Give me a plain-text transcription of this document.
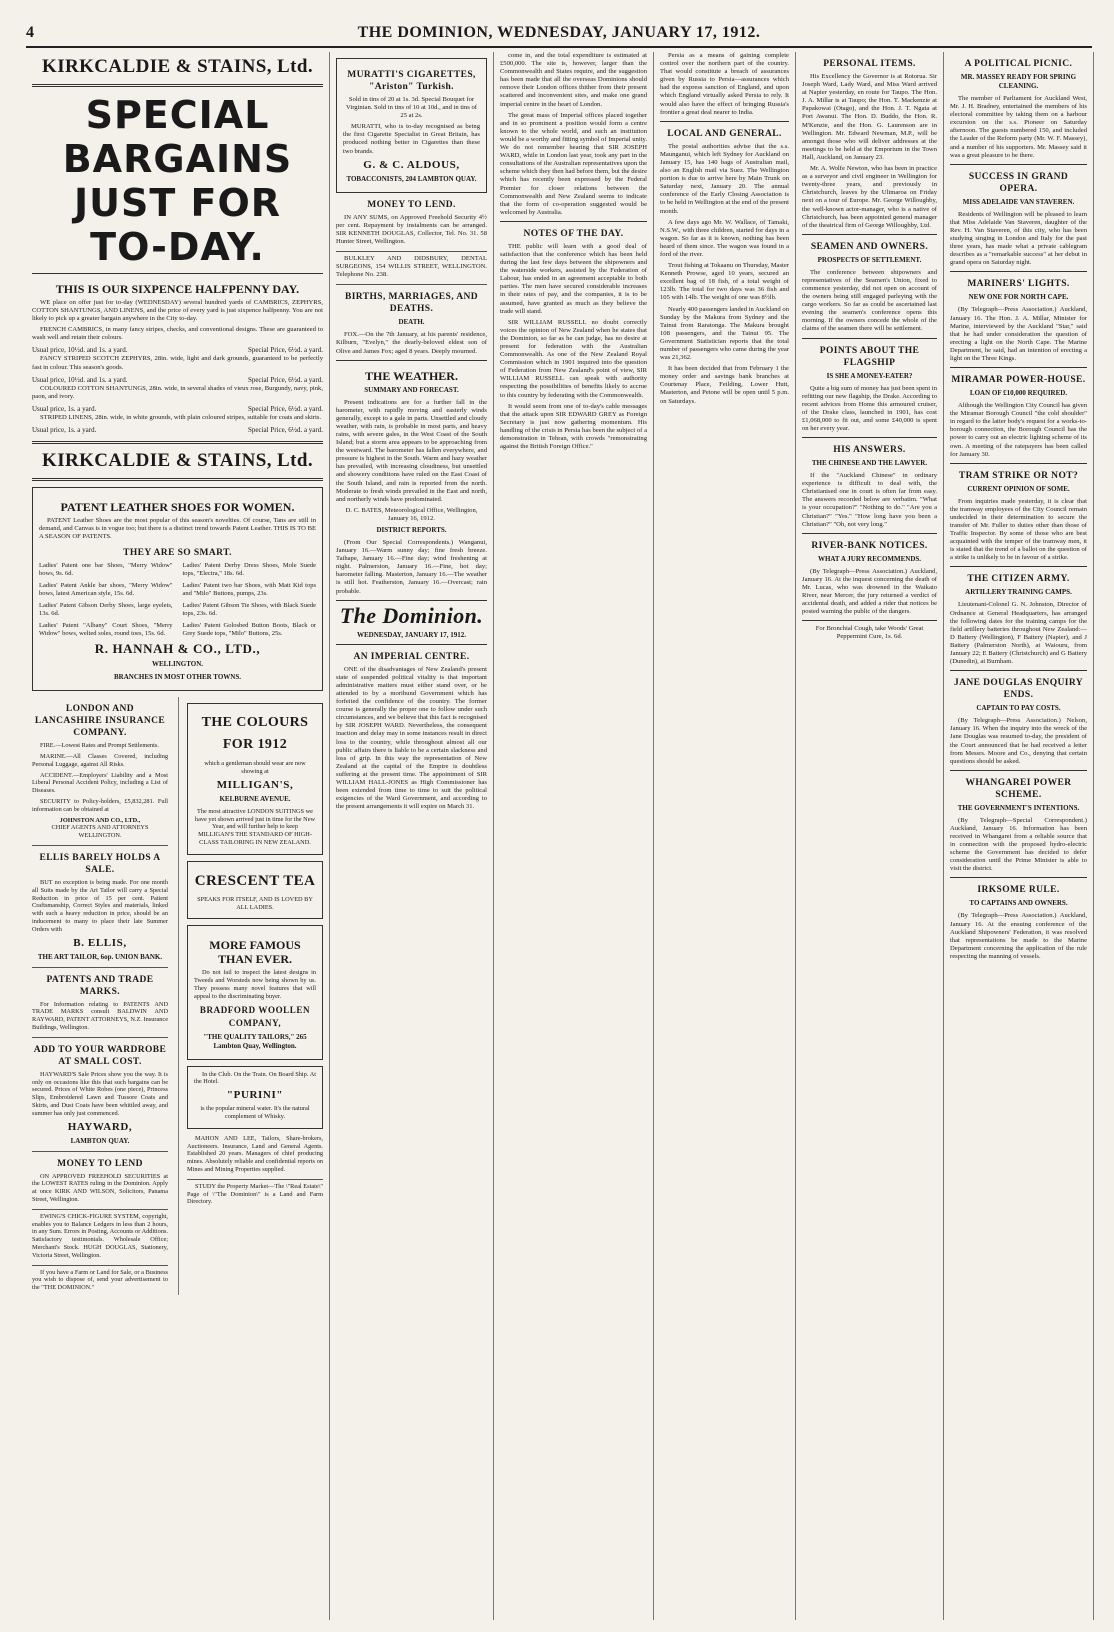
4	THE DOMINION, WEDNESDAY, JANUARY 17, 1912.
KIRKCALDIE & STAINS, Ltd.
SPECIAL BARGAINS
JUST FOR TO-DAY.
THIS IS OUR SIXPENCE HALFPENNY DAY.

WE place on offer just for to-day (WEDNESDAY) several hundred yards of CAMBRICS, ZEPHYRS, COTTON SHANTUNGS, AND LINENS, and the price of every yard is just sixpence halfpenny. You are not likely to pick up a greater bargain anywhere in the City to-day.

FRENCH CAMBRICS, in many fancy stripes, checks, and conventional designs. These are guaranteed to wash well and retain their colours.

Usual price, 10½d. and 1s. a yard.	Special Price, 6½d. a yard.

FANCY STRIPED SCOTCH ZEPHYRS, 28in. wide, light and dark grounds, guaranteed to be perfectly fast in colour. This season's goods.

Usual price, 10½d. and 1s. a yard.	Special Price, 6½d. a yard.

COLOURED COTTON SHANTUNGS, 28in. wide, in several shades of vieux rose, Burgundy, navy, pink, paon, and ivory.

Usual price, 1s. a yard.	Special Price, 6½d. a yard.

STRIPED LINENS, 28in. wide, in white grounds, with plain coloured stripes, suitable for coats and skirts.

Usual price, 1s. a yard.	Special Price, 6½d. a yard.
KIRKCALDIE & STAINS, Ltd.
PATENT LEATHER SHOES FOR WOMEN.

PATENT Leather Shoes are the most popular of this season's novelties. Of course, Tans are still in demand, and Canvas is in vogue too; but there is a distinct trend towards Patent Leather. THIS IS TO BE A SEASON OF PATENTS.

THEY ARE SO SMART.
Ladies' Patent one bar Shoes, "Merry Widow" bows, 9s. 6d.
Ladies' Patent Derby Dress Shoes, Mole Suede tops, "Electra," 18s. 6d.
Ladies' Patent Ankle bar shoes, "Merry Widow" bows, latest American style, 15s. 6d.
Ladies' Patent two bar Shoes, with Matt Kid tops and "Milo" Buttons, pumps, 23s.
Ladies' Patent Gibson Derby Shoes, large eyelets, 13s. 6d.
Ladies' Patent Gibson Tie Shoes, with Black Suede tops, 23s. 6d.
Ladies' Patent "Albany" Court Shoes, "Merry Widow" bows, welted soles, round toes, 15s. 6d.
Ladies' Patent Golosbed Button Boots, Black or Grey Suede tops, "Milo" Buttons, 25s.
R. HANNAH & CO., LTD.,
WELLINGTON.
BRANCHES IN MOST OTHER TOWNS.
LONDON AND LANCASHIRE INSURANCE COMPANY.

FIRE.—Lowest Rates and Prompt Settlements.

MARINE.—All Classes Covered, including Personal Luggage, against All Risks.

ACCIDENT.—Employers' Liability and a Most Liberal Personal Accident Policy, including a List of Diseases.

SECURITY to Policy-holders, £5,832,281. Full information can be obtained at

JOHNSTON AND CO., LTD.,
CHIEF AGENTS AND ATTORNEYS WELLINGTON.
ELLIS BARELY HOLDS A SALE.

BUT no exception is being made. For one month all Suits made by the Art Tailor will carry a Special Reduction in price of 15 per cent. Patient Craftsmanship, Correct Styles and materials, linked with such a heavy reduction in price, should be an inducement to many to place their late Summer Orders with

B. ELLIS,
THE ART TAILOR, 6op. UNION BANK.
PATENTS AND TRADE MARKS.

For Information relating to PATENTS AND TRADE MARKS consult BALDWIN AND RAYWARD, PATENT ATTORNEYS, N.Z. Insurance Buildings, Wellington.

ADD TO YOUR WARDROBE AT SMALL COST.

HAYWARD'S Sale Prices show you the way. It is only on occasions like this that such bargains can be secured. Prices of White Robes (one piece), Princess Slips, Embroidered Lawn and Tussore Coats and Skirts, and Dust Coats have been whittled away, and summer has only just commenced.

HAYWARD,
LAMBTON QUAY.
MONEY TO LEND

ON APPROVED FREEHOLD SECURITIES at the LOWEST RATES ruling in the Dominion. Apply at once KIRK AND WILSON, Solicitors, Panama Street, Wellington.

EWING'S CHICK-FIGURE SYSTEM, copyright, enables you to Balance Ledgers in less than 2 hours, in any Sum. Errors in Posting, Accounts or Additions. Satisfactory testimonials. Wholesale Office; Merchant's Stock. HUGH DOUGLAS, Stationery, Victoria Street, Wellington.

If you have a Farm or Land for Sale, or a Business you wish to dispose of, send your advertisement to the "THE DOMINION."

THE COLOURS FOR 1912

which a gentleman should wear are now showing at

MILLIGAN'S,
KELBURNE AVENUE.

The most attractive LONDON SUITINGS we have yet shown arrived just in time for the New Year, and will further help to keep MILLIGAN'S THE STANDARD OF HIGH-CLASS TAILORING IN NEW ZEALAND.

CRESCENT TEA

SPEAKS FOR ITSELF, AND IS LOVED BY ALL LADIES.

MORE FAMOUS THAN EVER.

Do not fail to inspect the latest designs in Tweeds and Worsteds now being shown by us. They possess many novel features that will appeal to the discriminating buyer.

BRADFORD WOOLLEN COMPANY,
"THE QUALITY TAILORS," 265 Lambton Quay, Wellington.

In the Club. On the Train. On Board Ship. At the Hotel.

"PURINI"

is the popular mineral water. It's the natural complement of Whisky.

MAHON AND LEE, Tailors, Share-brokers, Auctioneers. Insurance, Land and General Agents. Established 20 years. Managers of chief producing mines. Absolutely reliable and confidential reports on Mines and Mining Properties supplied.

STUDY the Property Market—The \"Real Estate\" Page of \"The Dominion\" is a Land and Farm Directory.

MURATTI'S CIGARETTES, "Ariston" Turkish.

Sold in tins of 20 at 1s. 3d. Special Bouquet for Virginian. Sold in tins of 10 at 10d., and in tins of 25 at 2s.

MURATTI, who is to-day recognised as being the first Cigarette Specialist in Great Britain, has produced nothing better in Cigarettes than these two brands.

G. & C. ALDOUS,
TOBACCONISTS, 204 LAMBTON QUAY.
MONEY TO LEND.

IN ANY SUMS, on Approved Freehold Security 4½ per cent. Repayment by instalments can be arranged. SIR KENNETH DOUGLAS, Collector, Tel. No. 31. 58 Hunter Street, Wellington.

BULKLEY AND DIDSBURY, DENTAL SURGEONS, 154 WILLIS STREET, WELLINGTON. Telephone No. 238.

BIRTHS, MARRIAGES, AND DEATHS.
DEATH.

FOX.—On the 7th January, at his parents' residence, Kilburn, "Evelyn," the dearly-beloved eldest son of Olive and James Fox; aged 8 years. Deeply mourned.

THE WEATHER.
SUMMARY AND FORECAST.

Present indications are for a further fall in the barometer, with rapidly moving and easterly winds generally, except to a gale in parts. Unsettled and cloudy weather, with rain, is probable in most parts, and heavy rains, with severe gales, in the West Coast of the South Island; but a storm area appears to be approaching from the westward. The barometer has fallen everywhere, and pressure is highest in the South. Warm and hazy weather has prevailed, with increasing cloudiness, but unsettled and showery conditions have ruled on the East Coast of the South Island, and rain is reported from the north. Moderate to fresh winds prevailed in the East and north, and northerly winds have predominated.

D. C. BATES, Meteorological Office, Wellington, January 16, 1912.

DISTRICT REPORTS.

(From Our Special Correspondents.) Wanganui, January 16.—Warm sunny day; fine fresh breeze. Taihape, January 16.—Fine day; wind freshening at night. Palmerston, January 16.—Fine, hot day; barometer falling. Masterton, January 16.—The weather is still hot. Featherston, January 16.—Overcast; rain probable.

The Dominion.
WEDNESDAY, JANUARY 17, 1912.
AN IMPERIAL CENTRE.

ONE of the disadvantages of New Zealand's present state of suspended political vitality is that important administrative matters must either stand over, or be attended to by a moribund Government which has forfeited the confidence of the country. The former course is generally the proper one to follow under such circumstances, and we believe that this fact is recognised by SIR JOSEPH WARD. Nevertheless, the consequent inaction and delay may in some instances result in direct loss to the country, while throughout almost all our public affairs there is liable to be a certain slackness and loss of grip. In this way the representation of New Zealand at the capital of the Empire is doubtless suffering at the present time. The appointment of SIR WILLIAM HALL-JONES as High Commissioner has been extended from time to time to suit the political exigencies of the Ward Government, and according to the present arrangements it will expire on March 31.

come in, and the total expenditure is estimated at £500,000. The site is, however, larger than the Commonwealth and States require, and the suggestion has been made that all the overseas Dominions should remove their London offices thither from their present scattered and inconvenient sites, and make one grand imperial centre in the heart of London.

The great mass of Imperial offices placed together and in so prominent a position would form a centre known to the whole world, and such an institution would be a worthy and fitting symbol of Imperial unity. We do not remember hearing that SIR JOSEPH WARD, while in London last year, took any part in the consultations of the Australian representatives upon the scheme which they then had before them, but the desire which has recently been expressed by the Federal Premier for closer relations between the Commonwealth and New Zealand seems to indicate that the form of co-operation suggested would be welcomed by Australia.

NOTES OF THE DAY.

THE public will learn with a good deal of satisfaction that the conference which has been held during the last few days between the shipowners and the waterside workers, assisted by the Federation of Labour, has ended in an agreement acceptable to both parties. The men have secured considerable increases in their rates of pay, and the companies, it is to be assumed, have granted as much as they believe the trade will stand.

SIR WILLIAM RUSSELL no doubt correctly voices the opinion of New Zealand when he states that the Dominion, so far as he can judge, has no desire at present for federation with the Australian Commonwealth. As one of the New Zealand Royal Commission which in 1901 inquired into the question of Federation from New Zealand's point of view, SIR WILLIAM RUSSELL can speak with authority respecting the possibilities of benefits likely to accrue to this country by federating with the Commonwealth.

It would seem from one of to-day's cable messages that the attack upon SIR EDWARD GREY as Foreign Secretary is just now gathering momentum. His handling of the crisis in Persia has been the subject of a demonstration in Tehran, with crowds "remonstrating against the British Foreign Office."

Persia as a means of gaining complete control over the northern part of the country. That would constitute a breach of assurances given by Russia to Persia—assurances which had the express sanction of England, and upon which England virtually asked Persia to rely. It would also have the effect of bringing Russia's frontier a great deal nearer to India.

LOCAL AND GENERAL.

The postal authorities advise that the s.s. Maunganui, which left Sydney for Auckland on January 15, has 140 bags of Australian mail, also an English mail via Suez. The Wellington portion is due to arrive here by Main Trunk on Saturday next, January 20. The annual conference of the Early Closing Association is to be held in Wellington at the end of the present month.

A few days ago Mr. W. Wallace, of Tamaki, N.S.W., with three children, started for days in a wagon. So far as it is known, nothing has been heard of them since. The wagon was found in a ford of the river.

Trout fishing at Tokaanu on Thursday, Master Kenneth Prowse, aged 10 years, secured an excellent bag of 18 fish, of a total weight of 123lb. The total for two days was 36 fish and 105 with 14lb. The weight of one was 8½lb.

Nearly 400 passengers landed in Auckland on Sunday by the Makura from Sydney and the Tainui from Raratonga. The Makura brought 108 passengers, and the Tainui 95. The Government Statistician reports that the total number of passengers who came during the year was 21,362.

It has been decided that from February 1 the money order and savings bank branches at Courtenay Place, Feilding, Lower Hutt, Masterton, and Petone will be open until 5 p.m. on Saturdays.

PERSONAL ITEMS.

His Excellency the Governor is at Rotorua. Sir Joseph Ward, Lady Ward, and Miss Ward arrived at Napier yesterday, en route for Taupo. The Hon. J. A. Millar is at Taupo; the Hon. T. Mackenzie at Papakowai (Otago), and the Hon. J. T. Ngata at Port Awanui. The Hon. D. Buddo, the Hon. R. M'Kenzie, and the Hon. G. Laurenson are in Wellington. Mr. Edward Newman, M.P., will be amongst those who will deliver addresses at the meetings to be held at the Emporium in the Town Hall, Auckland, on January 23.

Mr. A. Wolfe Newton, who has been in practice as a surveyor and civil engineer in Wellington for twenty-three years, and previously in Christchurch, leaves by the Ulimaroa on Friday next on a tour of Europe. Mr. George Willoughby, the well-known actor-manager, who is a native of Christchurch, has been appointed general manager of the theatrical firm of George Willoughby, Ltd.

SEAMEN AND OWNERS.
PROSPECTS OF SETTLEMENT.

The conference between shipowners and representatives of the Seamen's Union, fixed to commence yesterday, did not open on account of the owners being still engaged parleying with the cargo workers. So far as could be ascertained last evening the seamen's conference opens this morning. If the owners concede the whole of the claims of the seamen there will be settlement.

POINTS ABOUT THE FLAGSHIP
IS SHE A MONEY-EATER?

Quite a big sum of money has just been spent in refitting our new flagship, the Drake. According to recent advices from Home this armoured cruiser, of the Drake class, launched in 1901, has cost £1,068,000 to fit out, and some £40,000 is spent on her every year.

HIS ANSWERS.
THE CHINESE AND THE LAWYER.

If the "Auckland Chinese" in ordinary experience is difficult to deal with, the Christianised one in court is often far from easy. The answers recorded below are verbatim. "What is your occupation?" "Nothing to do." "Are you a Christian?" "Yes." "How long have you been a Christian?" "Oh, not very long."

RIVER-BANK NOTICES.
WHAT A JURY RECOMMENDS.

(By Telegraph—Press Association.) Auckland, January 16. At the inquest concerning the death of Mr. Lucas, who was drowned in the Waikato River, near Mercer, the jury returned a verdict of accidental death, and added a rider that notices be posted warning the public of the dangers.

For Bronchial Cough, take Woods' Great Peppermint Cure, 1s. 6d.

A POLITICAL PICNIC.
MR. MASSEY READY FOR SPRING CLEANING.

The member of Parliament for Auckland West, Mr. J. H. Bradney, entertained the members of his electoral committee by taking them on a harbour excursion on the s.s. Pioneer on Saturday afternoon. The guests numbered 150, and included the Leader of the Reform party (Mr. W. F. Massey), and a number of his supporters. Mr. Massey said it was a great pleasure to be there.

SUCCESS IN GRAND OPERA.
MISS ADELAIDE VAN STAVEREN.

Residents of Wellington will be pleased to learn that Miss Adelaide Van Staveren, daughter of the Rev. H. Van Staveren, of this city, who has been studying singing in London and Italy for the past three years, has made what a private cablegram describes as a "remarkable success" at her debut in grand opera on Saturday night.

MARINERS' LIGHTS.
NEW ONE FOR NORTH CAPE.

(By Telegraph—Press Association.) Auckland, January 16. The Hon. J. A. Millar, Minister for Marine, interviewed by the Auckland "Star," said that he had under consideration the question of erecting a light on the North Cape. The Marine Department, he said, had an intention of erecting a light on the Three Kings.

MIRAMAR POWER-HOUSE.
LOAN OF £10,000 REQUIRED.

Although the Wellington City Council has given the Miramar Borough Council "the cold shoulder" in regard to the latter body's request for a works-to-borough connection, the Borough Council has the power to carry out an electric lighting scheme of its own. A meeting of the ratepayers has been called for January 30.

TRAM STRIKE OR NOT?
CURRENT OPINION OF SOME.

From inquiries made yesterday, it is clear that the tramway employees of the City Council remain undecided in their determination to secure the transfer of Mr. Fuller to duties other than those of Traffic Inspector. By some of those who are best acquainted with the temper of the tramway men, it is stated that the trend of a ballot on the question of a strike is unlikely to be in favour of a strike.

THE CITIZEN ARMY.
ARTILLERY TRAINING CAMPS.

Lieutenant-Colonel G. N. Johnston, Director of Ordnance at General Headquarters, has arranged the following dates for the training camps for the field artillery batteries throughout New Zealand:— D Battery (Wellington), F Battery (Napier), and J Battery (Palmerston North), at Waiouru, from January 22; E Battery (Christchurch) and G Battery (Dunedin), at Burnham.

JANE DOUGLAS ENQUIRY ENDS.
CAPTAIN TO PAY COSTS.

(By Telegraph—Press Association.) Nelson, January 16. When the inquiry into the wreck of the Jane Douglas was resumed to-day, the president of the Court announced that he had received a letter from Messrs. Moore and Co., denying that certain questions should be asked.

WHANGAREI POWER SCHEME.
THE GOVERNMENT'S INTENTIONS.

(By Telegraph—Special Correspondent.) Auckland, January 16. Information has been received in Whangarei from a reliable source that in connection with the proposed hydro-electric scheme the Government has decided to defer consideration until the Prime Minister is able to visit the district.

IRKSOME RULE.
TO CAPTAINS AND OWNERS.

(By Telegraph—Press Association.) Auckland, January 16. At the ensuing conference of the Auckland Shipowners' Federation, it was resolved that representations be made to the Marine Department concerning the application of the rule respecting the manning of vessels.
